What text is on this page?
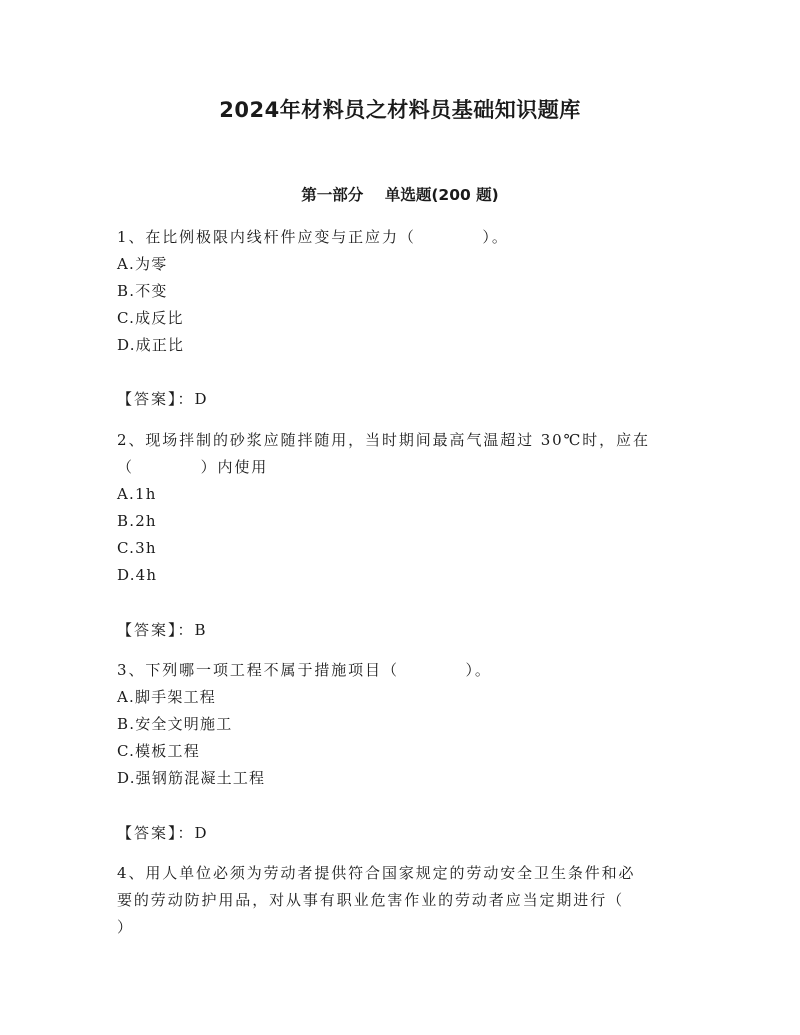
2024年材料员之材料员基础知识题库
第一部分    单选题(200 题)
1、在比例极限内线杆件应变与正应力（          ）。
A.为零
B.不变
C.成反比
D.成正比
【答案】：D
2、现场拌制的砂浆应随拌随用，当时期间最高气温超过 30℃时，应在
（          ）内使用
A.1h
B.2h
C.3h
D.4h
【答案】：B
3、下列哪一项工程不属于措施项目（          ）。
A.脚手架工程
B.安全文明施工
C.模板工程
D.强钢筋混凝土工程
【答案】：D
4、用人单位必须为劳动者提供符合国家规定的劳动安全卫生条件和必
要的劳动防护用品，对从事有职业危害作业的劳动者应当定期进行（
）
